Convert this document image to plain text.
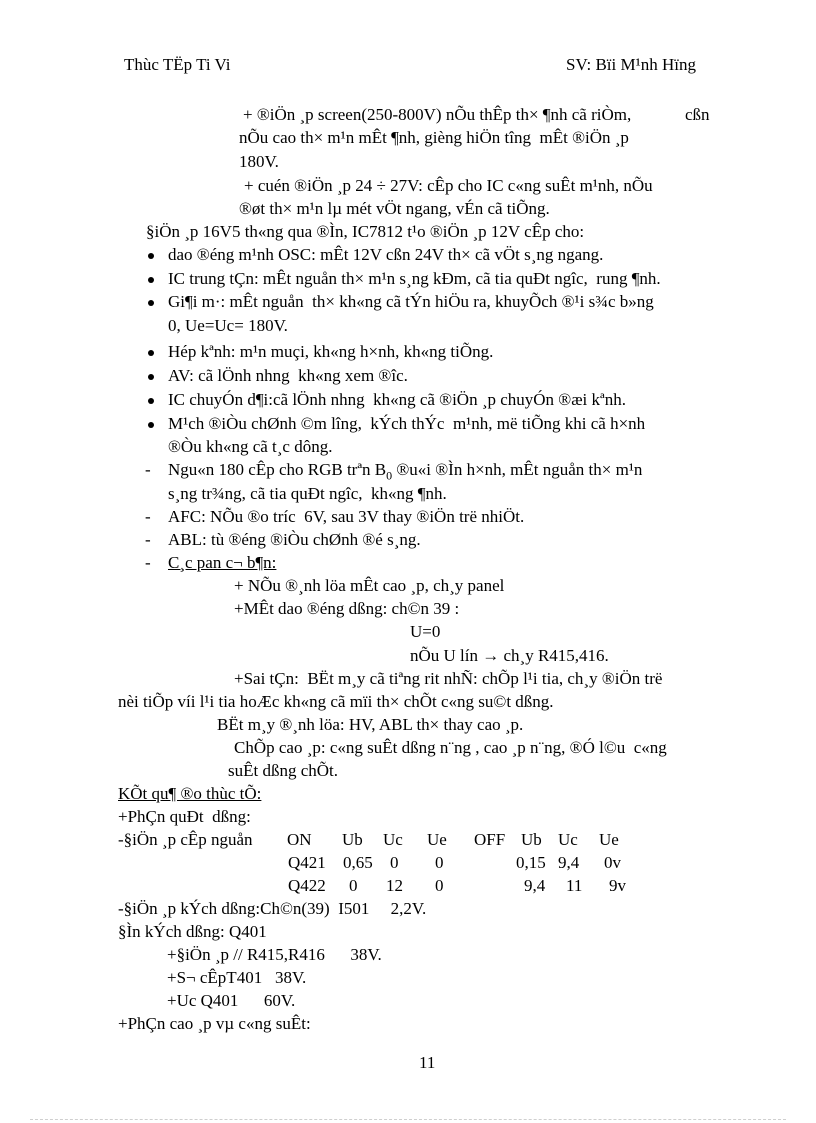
Thùc TËp Ti Vi	SV: Bïi M¹nh Hïng
+ ®iÖn ¸p screen(250-800V) nÕu thÊp th× ¶nh cã riÒm,	cßn
nÕu cao th× m¹n mÊt ¶nh, gièng hiÖn tîng  mÊt ®iÖn ¸p
180V.
+ cuén ®iÖn ¸p 24 ÷ 27V: cÊp cho IC c«ng suÊt m¹nh, nÕu
®øt th× m¹n lµ mét vÖt ngang, vÉn cã tiÕng.
§iÖn ¸p 16V5 th«ng qua ®Ìn, IC7812 t¹o ®iÖn ¸p 12V cÊp cho:
dao ®éng m¹nh OSC: mÊt 12V cßn 24V th× cã vÖt s¸ng ngang.
IC trung tÇn: mÊt nguån th× m¹n s¸ng kÐm, cã tia quÐt ngîc,  rung ¶nh.
Gi¶i m·: mÊt nguån  th× kh«ng cã tÝn hiÖu ra, khuyÕch ®¹i s¾c b»ng
0, Ue=Uc= 180V.
Hép kªnh: m¹n muçi, kh«ng h×nh, kh«ng tiÕng.
AV: cã lÖnh nhng  kh«ng xem ®îc.
IC chuyÓn d¶i:cã lÖnh nhng  kh«ng cã ®iÖn ¸p chuyÓn ®æi kªnh.
M¹ch ®iÒu chØnh ©m lîng,  kÝch thÝc  m¹nh, më tiÕng khi cã h×nh
®Òu kh«ng cã t¸c dông.
- Ngu«n 180 cÊp cho RGB trªn $B_0$ ®u«i ®Ìn h×nh, mÊt nguån th× m¹n
s¸ng tr¾ng, cã tia quÐt ngîc,  kh«ng ¶nh.
- AFC: NÕu ®o tríc  6V, sau 3V thay ®iÖn trë nhiÖt.
- ABL: tù ®éng ®iÒu chØnh ®é s¸ng.
- C¸c pan c¬ b¶n:
+ NÕu ®¸nh löa mÊt cao ¸p, ch¸y panel
+MÊt dao ®éng dßng: ch©n 39 :
U=0
nÕu U lín → ch¸y R415,416.
+Sai tÇn:  BËt m¸y cã tiªng rit nhÑ: chÕp l¹i tia, ch¸y ®iÖn trë
nèi tiÕp víi l¹i tia hoÆc kh«ng cã mïi th× chÕt c«ng su©t dßng.
BËt m¸y ®¸nh löa: HV, ABL th× thay cao ¸p.
ChÕp cao ¸p: c«ng suÊt dßng n¨ng , cao ¸p n¨ng, ®Ó l©u  c«ng
suÊt dßng chÕt.
KÕt qu¶ ®o thùc tÕ:
+PhÇn quÐt  dßng:
-§iÖn ¸p cÊp nguån ON Ub Uc Ue OFF Ub Uc Ue
Q421 0,65 0 0	0,15 9,4 0v
Q422 0 12 0	9,4 11 9v
-§iÖn ¸p kÝch dßng:Ch©n(39)  I501     2,2V.
§Ìn kÝch dßng: Q401
+§iÖn ¸p // R415,R416      38V.
+S¬ cÊpT401   38V.
+Uc Q401      60V.
+PhÇn cao ¸p vµ c«ng suÊt:
11
